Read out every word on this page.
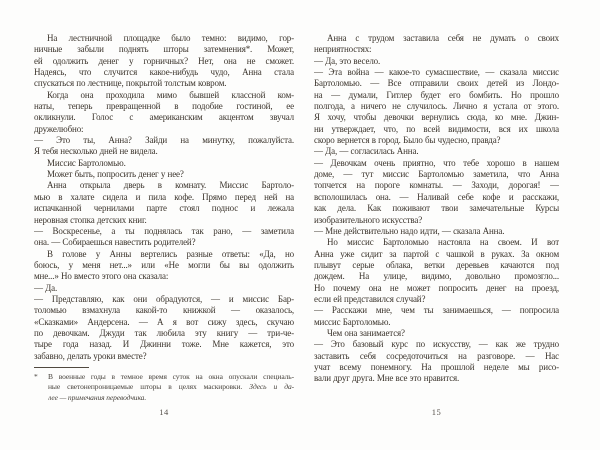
На лестничной площадке было темно: видимо, гор-
ничные забыли поднять шторы затемнения*. Может,
ей одолжить денег у горничных? Нет, она не сможет.
Надеясь, что случится какое-нибудь чудо, Анна стала
спускаться по лестнице, покрытой толстым ковром.
Когда она проходила мимо бывшей классной ком-
наты, теперь превращенной в подобие гостиной, ее
окликнули. Голос с американским акцентом звучал
дружелюбно:
— Это ты, Анна? Зайди на минутку, пожалуйста.
Я тебя несколько дней не видела.
Миссис Бартоломью.
Может быть, попросить денег у нее?
Анна открыла дверь в комнату. Миссис Бартоло-
мью в халате сидела и пила кофе. Прямо перед ней на
испачканной чернилами парте стоял поднос и лежала
неровная стопка детских книг.
— Воскресенье, а ты поднялась так рано, — заметила
она. — Собираешься навестить родителей?
В голове у Анны вертелись разные ответы: «Да, но
боюсь, у меня нет...» или «Не могли бы вы одолжить
мне...» Но вместо этого она сказала:
— Да.
— Представляю, как они обрадуются, — и миссис Бар-
толомью взмахнула какой-то книжкой — оказалось,
«Сказками» Андерсена. — А я вот сижу здесь, скучаю
по девочкам. Джуди так любила эту книгу — три-че-
тыре года назад. И Джинни тоже. Мне кажется, это
забавно, делать уроки вместе?
*	В военные годы в темное время суток на окна опускали специаль-
ные светонепроницаемые шторы в целях маскировки. Здесь и да-
лее — примечания переводчика.
14
Анна с трудом заставила себя не думать о своих
неприятностях:
— Да, это весело.
— Эта война — какое-то сумасшествие, — сказала миссис
Бартоломью. — Все отправили своих детей из Лондо-
на — думали, Гитлер будет его бомбить. Но прошло
полгода, а ничего не случилось. Лично я устала от этого.
Я хочу, чтобы девочки вернулись сюда, ко мне. Джин-
ни утверждает, что, по всей видимости, вся их школа
скоро вернется в город. Было бы чудесно, правда?
— Да, — согласилась Анна.
— Девочкам очень приятно, что тебе хорошо в нашем
доме, — тут миссис Бартоломью заметила, что Анна
топчется на пороге комнаты. — Заходи, дорогая! —
всполошилась она. — Наливай себе кофе и расскажи,
как дела. Как поживают твои замечательные Курсы
изобразительного искусства?
— Мне действительно надо идти, — сказала Анна.
Но миссис Бартоломью настояла на своем. И вот
Анна уже сидит за партой с чашкой в руках. За окном
плывут серые облака, ветки деревьев качаются под
дождем. На улице, видимо, довольно промозгло...
Но почему она не может попросить денег на проезд,
если ей представился случай?
— Расскажи мне, чем ты занимаешься, — попросила
миссис Бартоломью.
Чем она занимается?
— Это базовый курс по искусству, — как же трудно
заставить себя сосредоточиться на разговоре. — Нас
учат всему понемногу. На прошлой неделе мы рисо-
вали друг друга. Мне все это нравится.
15
